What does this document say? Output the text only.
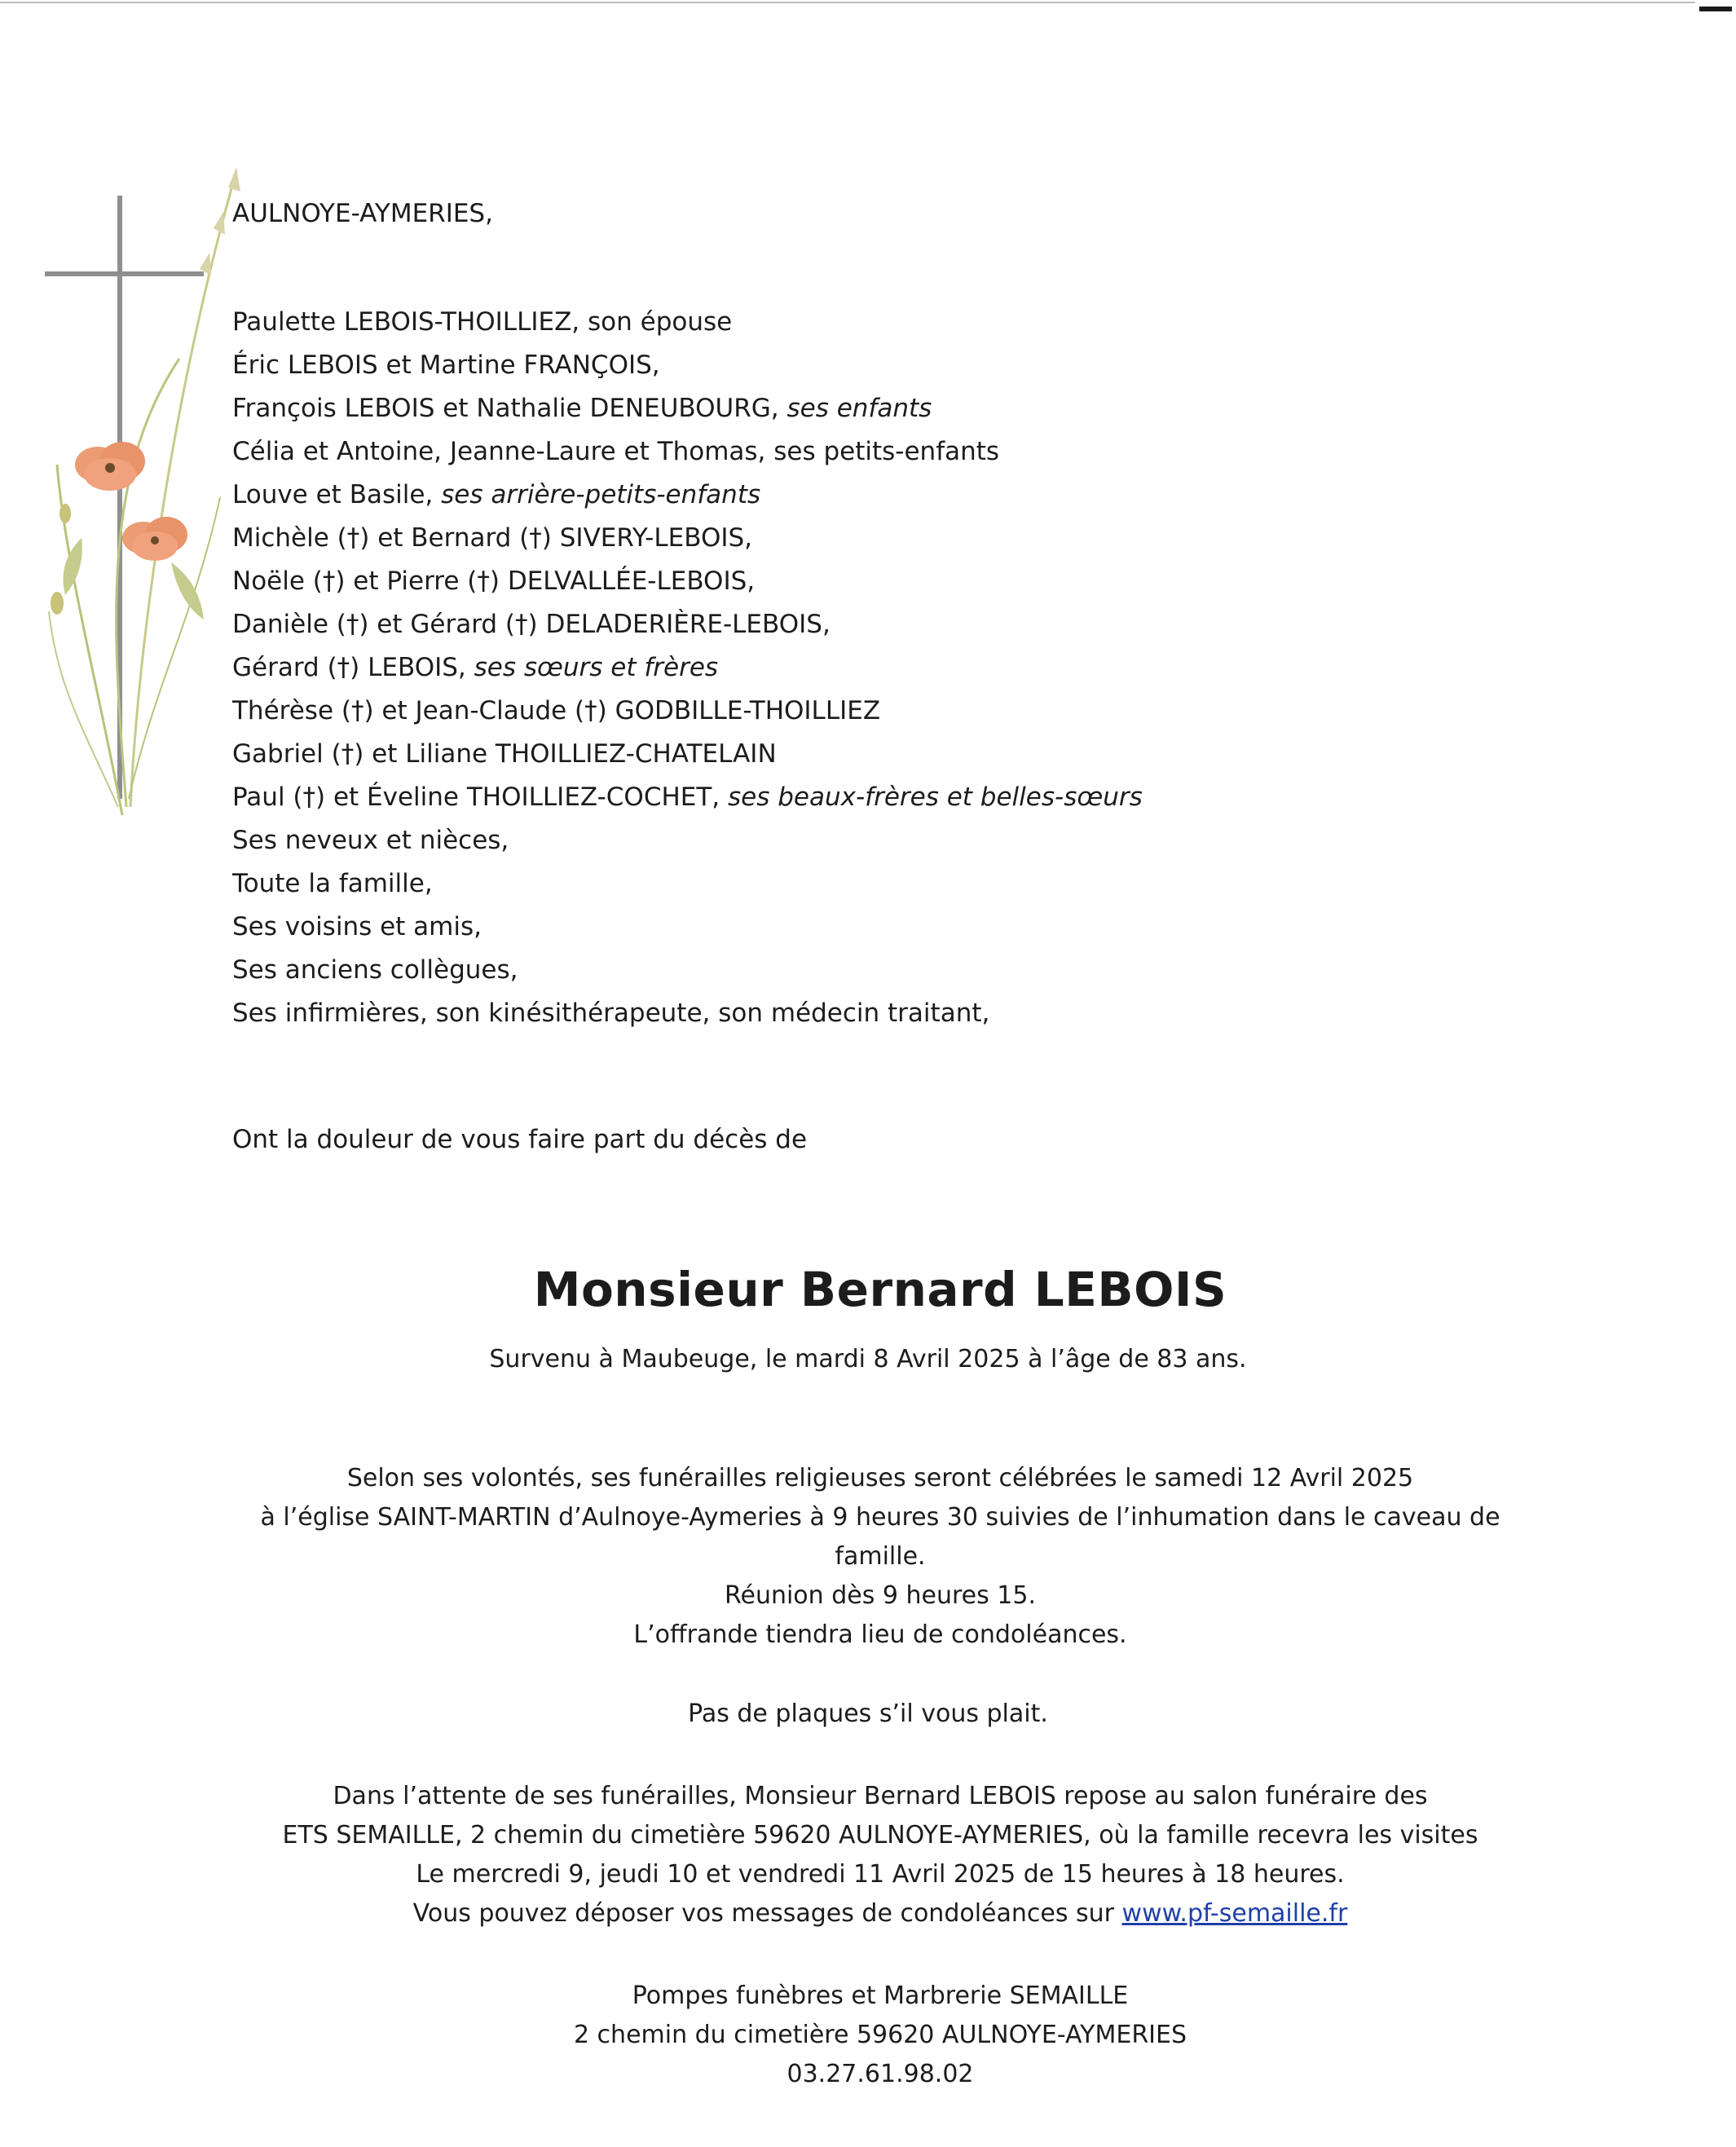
AULNOYE-AYMERIES,
Paulette LEBOIS-THOILLIEZ, son épouse
Éric LEBOIS et Martine FRANÇOIS,
François LEBOIS et Nathalie DENEUBOURG, ses enfants
Célia et Antoine, Jeanne-Laure et Thomas, ses petits-enfants
Louve et Basile, ses arrière-petits-enfants
Michèle (†) et Bernard (†) SIVERY-LEBOIS,
Noële (†) et Pierre (†) DELVALLÉE-LEBOIS,
Danièle (†) et Gérard (†) DELADERIÈRE-LEBOIS,
Gérard (†) LEBOIS, ses sœurs et frères
Thérèse (†) et Jean-Claude (†) GODBILLE-THOILLIEZ
Gabriel (†) et Liliane THOILLIEZ-CHATELAIN
Paul (†) et Éveline THOILLIEZ-COCHET, ses beaux-frères et belles-sœurs
Ses neveux et nièces,
Toute la famille,
Ses voisins et amis,
Ses anciens collègues,
Ses infirmières, son kinésithérapeute, son médecin traitant,
Ont la douleur de vous faire part du décès de
Monsieur Bernard LEBOIS
Survenu à Maubeuge, le mardi 8 Avril 2025 à l’âge de 83 ans.
Selon ses volontés, ses funérailles religieuses seront célébrées le samedi 12 Avril 2025
à l’église SAINT-MARTIN d’Aulnoye-Aymeries à 9 heures 30 suivies de l’inhumation dans le caveau de
famille.
Réunion dès 9 heures 15.
L’offrande tiendra lieu de condoléances.
Pas de plaques s’il vous plait.
Dans l’attente de ses funérailles, Monsieur Bernard LEBOIS repose au salon funéraire des
ETS SEMAILLE, 2 chemin du cimetière 59620 AULNOYE-AYMERIES, où la famille recevra les visites
Le mercredi 9, jeudi 10 et vendredi 11 Avril 2025 de 15 heures à 18 heures.
Vous pouvez déposer vos messages de condoléances sur www.pf-semaille.fr
Pompes funèbres et Marbrerie SEMAILLE
2 chemin du cimetière 59620 AULNOYE-AYMERIES
03.27.61.98.02
